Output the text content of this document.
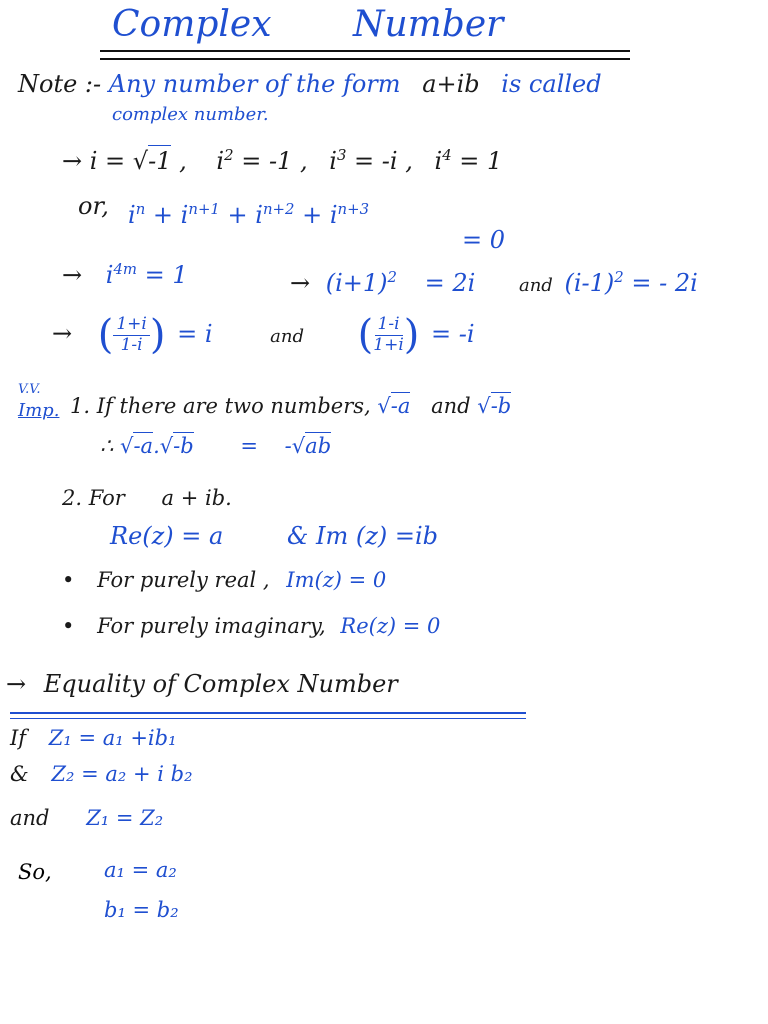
Complex Number
Note :- Any number of the form a+ib is called
complex number.
→ i = √-1 , $i^2 = -1$ , $i^3 = -i$ , $i^4 = 1$
or, $i^n + i^{n+1} + i^{n+2} + i^{n+3}$
= 0
→ $i^{4m} = 1$	→ $(i+1)^2 = 2i$ and $(i-1)^2$ = - 2i
→ ( $\frac{1+i}{1-i}$ ) = i	and ( $\frac{1-i}{1+i}$ ) = -i
V.V.
Imp. 1. If there are two numbers, √-a and √-b
∴ √-a.√-b = -√ab
2. For a + ib.
Re(z) = a	& Im (z) =ib
• For purely real , Im(z) = 0
• For purely imaginary, Re(z) = 0
→ Equality of Complex Number
If Z₁ = a₁ +ib₁
& Z₂ = a₂ + i b₂
and Z₁ = Z₂
So, a₁ = a₂
b₁ = b₂
